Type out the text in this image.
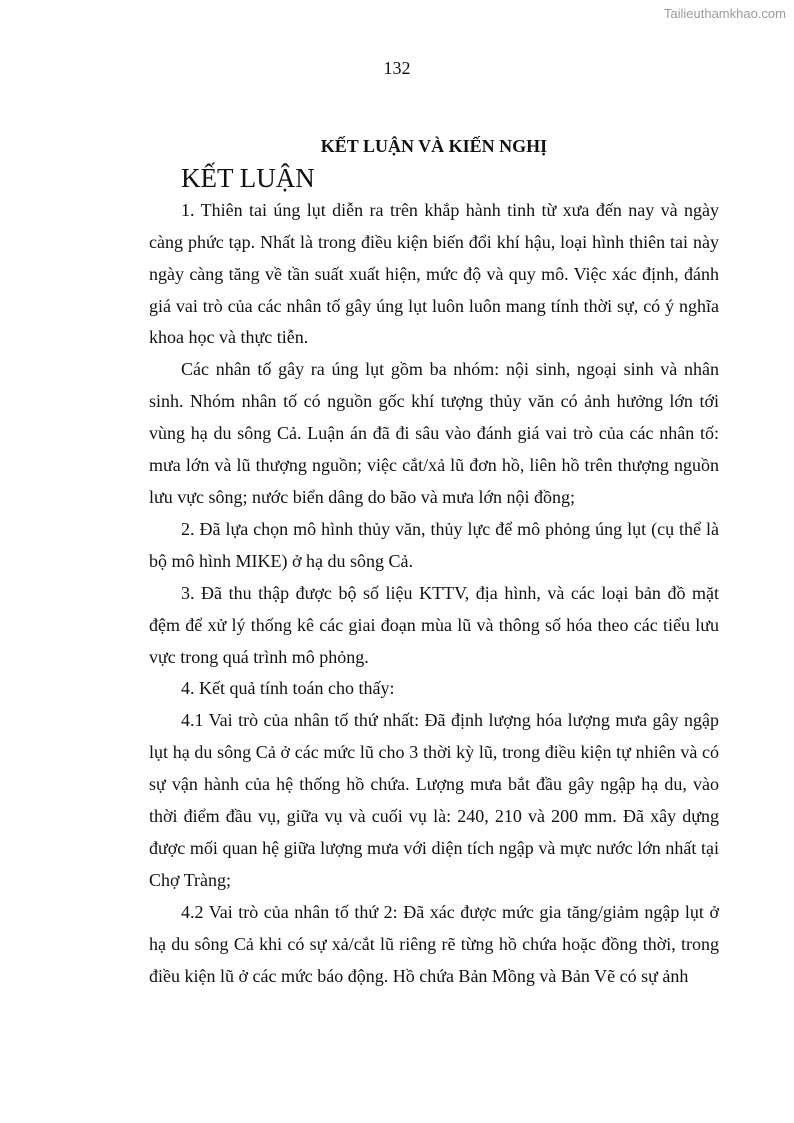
Tailieuthamkhao.com
132
KẾT LUẬN VÀ KIẾN NGHỊ
KẾT LUẬN

1. Thiên tai úng lụt diễn ra trên khắp hành tinh từ xưa đến nay và ngày càng phức tạp. Nhất là trong điều kiện biến đổi khí hậu, loại hình thiên tai này ngày càng tăng về tần suất xuất hiện, mức độ và quy mô. Việc xác định, đánh giá vai trò của các nhân tố gây úng lụt luôn luôn mang tính thời sự, có ý nghĩa khoa học và thực tiễn.

Các nhân tố gây ra úng lụt gồm ba nhóm: nội sinh, ngoại sinh và nhân sinh. Nhóm nhân tố có nguồn gốc khí tượng thủy văn có ảnh hưởng lớn tới vùng hạ du sông Cả. Luận án đã đi sâu vào đánh giá vai trò của các nhân tố: mưa lớn và lũ thượng nguồn; việc cắt/xả lũ đơn hồ, liên hồ trên thượng nguồn lưu vực sông; nước biển dâng do bão và mưa lớn nội đồng;

2. Đã lựa chọn mô hình thủy văn, thủy lực để mô phỏng úng lụt (cụ thể là bộ mô hình MIKE) ở hạ du sông Cả.

3. Đã thu thập được bộ số liệu KTTV, địa hình, và các loại bản đồ mặt đệm để xử lý thống kê các giai đoạn mùa lũ và thông số hóa theo các tiểu lưu vực trong quá trình mô phỏng.

4. Kết quả tính toán cho thấy:

4.1 Vai trò của nhân tố thứ nhất: Đã định lượng hóa lượng mưa gây ngập lụt hạ du sông Cả ở các mức lũ cho 3 thời kỳ lũ, trong điều kiện tự nhiên và có sự vận hành của hệ thống hồ chứa. Lượng mưa bắt đầu gây ngập hạ du, vào thời điểm đầu vụ, giữa vụ và cuối vụ là: 240, 210 và 200 mm. Đã xây dựng được mối quan hệ giữa lượng mưa với diện tích ngập và mực nước lớn nhất tại Chợ Tràng;

4.2 Vai trò của nhân tố thứ 2: Đã xác được mức gia tăng/giảm ngập lụt ở hạ du sông Cả khi có sự xả/cắt lũ riêng rẽ từng hồ chứa hoặc đồng thời, trong điều kiện lũ ở các mức báo động. Hồ chứa Bản Mồng và Bản Vẽ có sự ảnh
